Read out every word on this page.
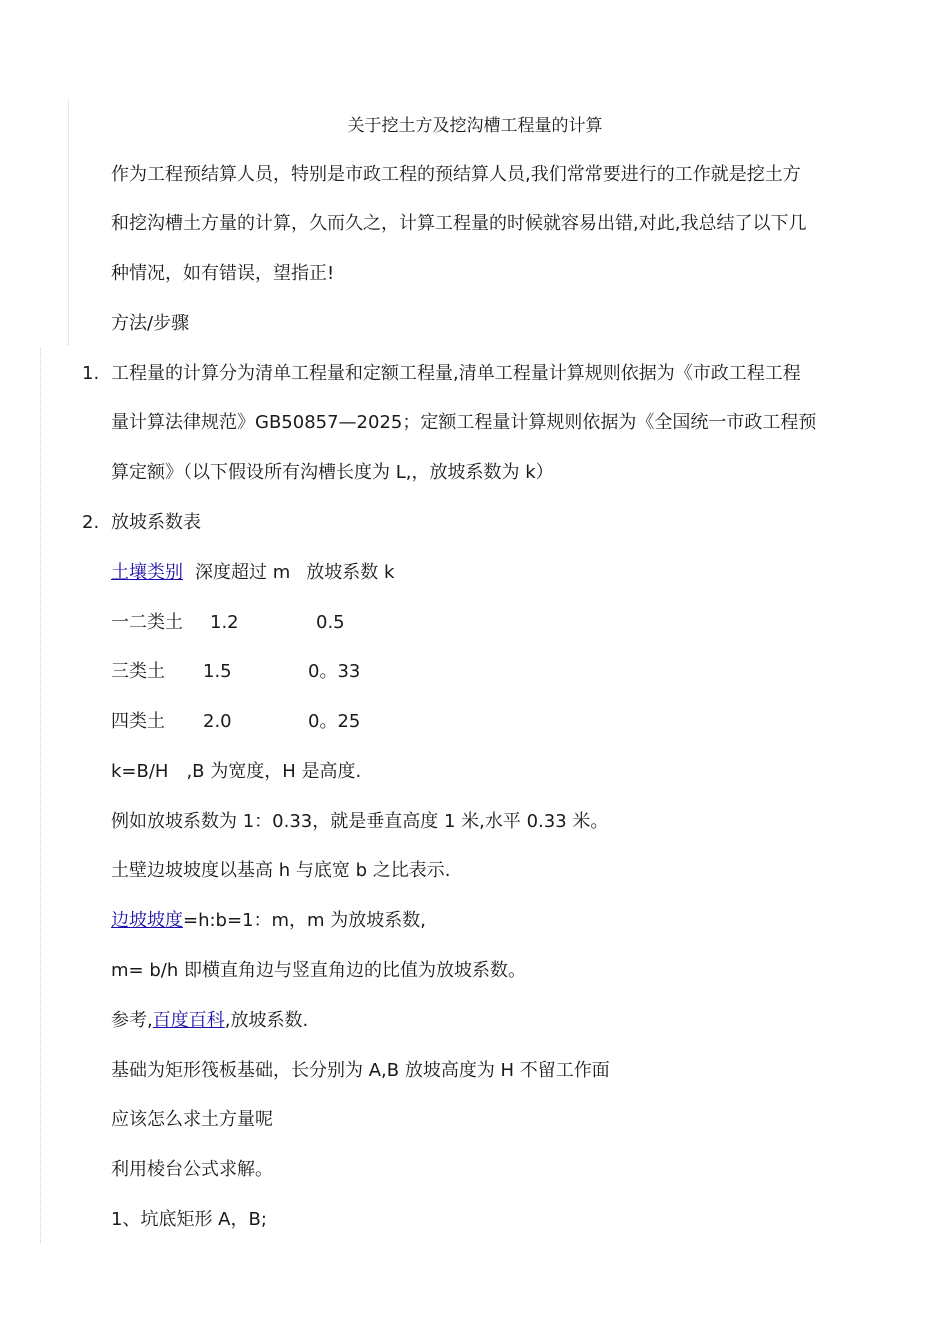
关于挖土方及挖沟槽工程量的计算
作为工程预结算人员，特别是市政工程的预结算人员,我们常常要进行的工作就是挖土方
和挖沟槽土方量的计算，久而久之，计算工程量的时候就容易出错,对此,我总结了以下几
种情况，如有错误，望指正!
方法/步骤
1. 工程量的计算分为清单工程量和定额工程量,清单工程量计算规则依据为《市政工程工程
量计算法律规范》GB50857—2025；定额工程量计算规则依据为《全国统一市政工程预
算定额》（以下假设所有沟槽长度为 L,，放坡系数为 k）
2. 放坡系数表
土壤类别 深度超过 m 放坡系数 k
一二类土 1.2	0.5
三类土 1.5	0。33
四类土 2.0	0。25
k=B/H　,B 为宽度，H 是高度.
例如放坡系数为 1：0.33，就是垂直高度 1 米,水平 0.33 米。
土壁边坡坡度以基高 h 与底宽 b 之比表示.
边坡坡度=h:b=1：m，m 为放坡系数,
m= b/h 即横直角边与竖直角边的比值为放坡系数。
参考,百度百科,放坡系数.
基础为矩形筏板基础，长分别为 A,B 放坡高度为 H 不留工作面
应该怎么求土方量呢
利用棱台公式求解。
1、坑底矩形 A，B;
